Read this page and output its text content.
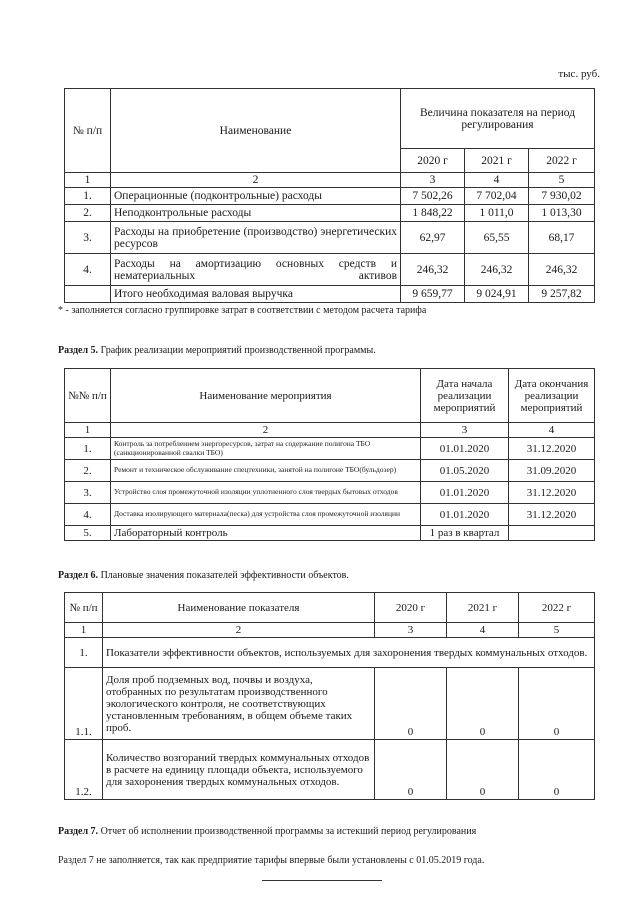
тыс. руб.
№ п/п	Наименование	Величина показателя на период регулирования		
		2020 г	2021 г	2022 г
1	2	3	4	5
1.	Операционные (подконтрольные) расходы	7 502,26	7 702,04	7 930,02
2.	Неподконтрольные расходы	1 848,22	1 011,0	1 013,30
3.	Расходы на приобретение (производство) энергетических ресурсов	62,97	65,55	68,17
4.	Расходы на амортизацию основных средств и нематериальных активов	246,32	246,32	246,32
	Итого необходимая валовая выручка	9 659,77	9 024,91	9 257,82
* - заполняется согласно группировке затрат в соответствии с методом расчета тарифа
Раздел 5. График реализации мероприятий производственной программы.
№№ п/п	Наименование мероприятия	Дата начала реализации мероприятий	Дата окончания реализации мероприятий
1	2	3	4
1.	Контроль за потреблением энергоресурсов, затрат на содержание полигона ТБО (санкционированной свалки ТБО)	01.01.2020	31.12.2020
2.	Ремонт и техническое обслуживание спецтехники, занятой на полигоне ТБО(бульдозер)	01.05.2020	31.09.2020
3.	Устройство слоя промежуточной изоляции уплотненного слоя твердых бытовых отходов	01.01.2020	31.12.2020
4.	Доставка изолирующего материала(песка) для устройства слоя промежуточной изоляции	01.01.2020	31.12.2020
5.	Лабораторный контроль	1 раз в квартал	
Раздел 6. Плановые значения показателей эффективности объектов.
№ п/п	Наименование показателя	2020 г	2021 г	2022 г
1	2	3	4	5
1.	Показатели эффективности объектов, используемых для захоронения твердых коммунальных отходов.			
1.1.	Доля проб подземных вод, почвы и воздуха, отобранных по результатам производственного экологического контроля, не соответствующих установленным требованиям, в общем объеме таких проб.	0	0	0
1.2.	Количество возгораний твердых коммунальных отходов в расчете на единицу площади объекта, используемого для захоронения твердых коммунальных отходов.	0	0	0
Раздел 7. Отчет об исполнении производственной программы за истекший период регулирования
Раздел 7 не заполняется, так как предприятие тарифы впервые были установлены с 01.05.2019 года.
